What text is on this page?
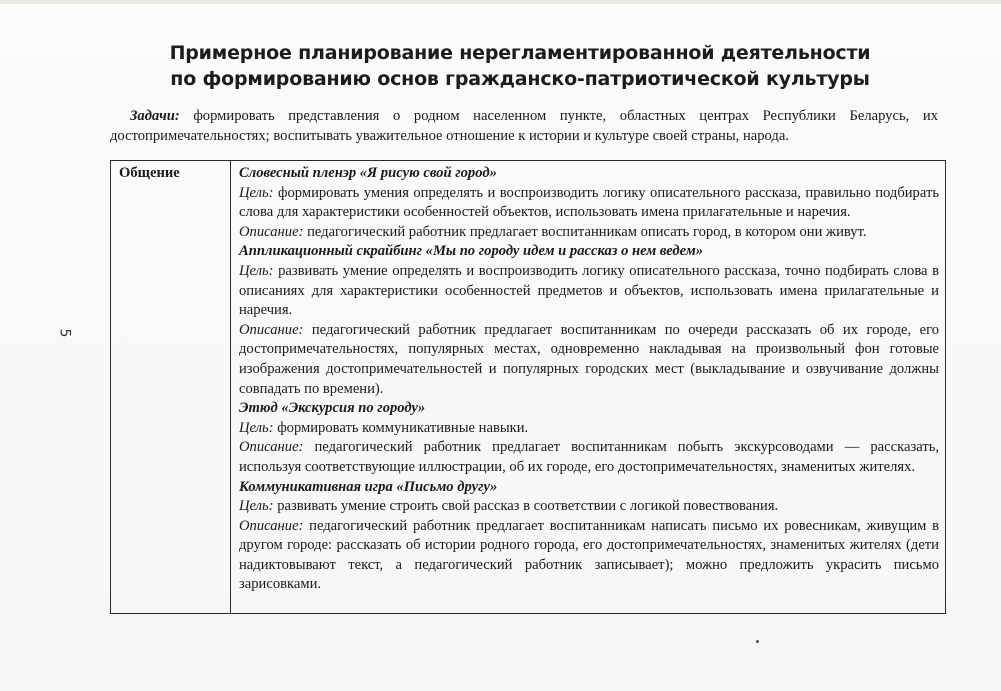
Примерное планирование нерегламентированной деятельности
по формированию основ гражданско-патриотической культуры
Задачи: формировать представления о родном населенном пункте, областных центрах Республики Беларусь, их достопримечательностях; воспитывать уважительное отношение к истории и культуре своей страны, народа.
5
Общение	Словесный пленэр «Я рисую свой город»

Цель: формировать умения определять и воспроизводить логику описательного рассказа, правильно подбирать слова для характеристики особенностей объектов, использовать имена прилагательные и наречия.

Описание: педагогический работник предлагает воспитанникам описать город, в котором они живут.

Аппликационный скрайбинг «Мы по городу идем и рассказ о нем ведем»

Цель: развивать умение определять и воспроизводить логику описательного рассказа, точно подбирать слова в описаниях для характеристики особенностей предметов и объектов, использовать имена прилагательные и наречия.

Описание: педагогический работник предлагает воспитанникам по очереди рассказать об их городе, его достопримечательностях, популярных местах, одновременно накладывая на произвольный фон готовые изображения достопримечательностей и популярных городских мест (выкладывание и озвучивание должны совпадать по времени).

Этюд «Экскурсия по городу»

Цель: формировать коммуникативные навыки.

Описание: педагогический работник предлагает воспитанникам побыть экскурсоводами — рассказать, используя соответствующие иллюстрации, об их городе, его достопримечательностях, знаменитых жителях.

Коммуникативная игра «Письмо другу»

Цель: развивать умение строить свой рассказ в соответствии с логикой повествования.

Описание: педагогический работник предлагает воспитанникам написать письмо их ровесникам, живущим в другом городе: рассказать об истории родного города, его достопримечательностях, знаменитых жителях (дети надиктовывают текст, а педагогический работник записывает); можно предложить украсить письмо зарисовками.
